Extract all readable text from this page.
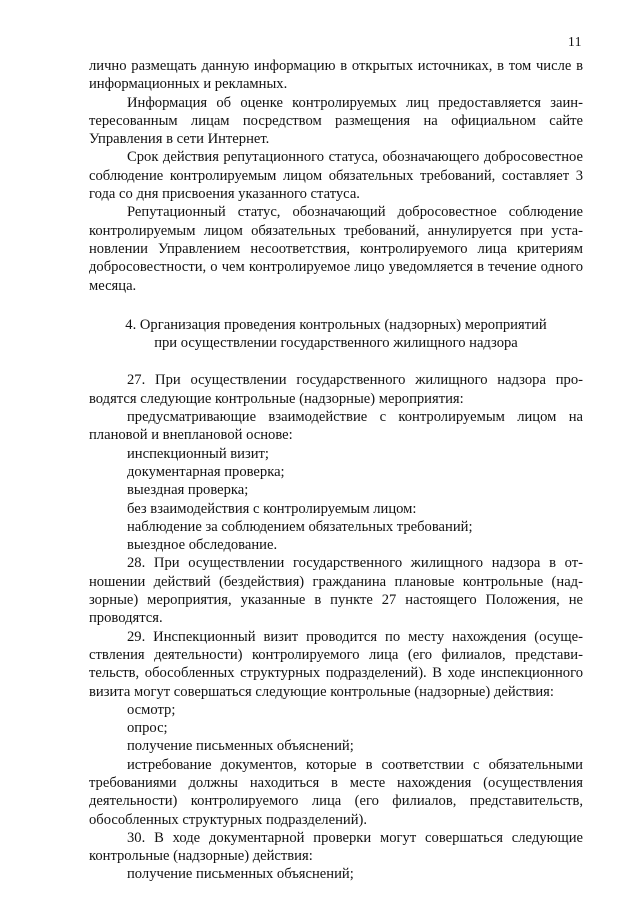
11

лично размещать данную информацию в открытых источниках, в том числе в информационных и рекламных.

Информация об оценке контролируемых лиц предоставляется заинтересованным лицам посредством размещения на официальном сайте Управления в сети Интернет.

Срок действия репутационного статуса, обозначающего добросовестное соблюдение контролируемым лицом обязательных требований, составляет 3 года со дня присвоения указанного статуса.

Репутационный статус, обозначающий добросовестное соблюдение контролируемым лицом обязательных требований, аннулируется при установлении Управлением несоответствия, контролируемого лица критериям добросовестности, о чем контролируемое лицо уведомляется в течение одного месяца.

4. Организация проведения контрольных (надзорных) мероприятий
при осуществлении государственного жилищного надзора

27. При осуществлении государственного жилищного надзора проводятся следующие контрольные (надзорные) мероприятия:

предусматривающие взаимодействие с контролируемым лицом на плановой и внеплановой основе:

инспекционный визит;

документарная проверка;

выездная проверка;

без взаимодействия с контролируемым лицом:

наблюдение за соблюдением обязательных требований;

выездное обследование.

28. При осуществлении государственного жилищного надзора в отношении действий (бездействия) гражданина плановые контрольные (надзорные) мероприятия, указанные в пункте 27 настоящего Положения, не проводятся.

29. Инспекционный визит проводится по месту нахождения (осуществления деятельности) контролируемого лица (его филиалов, представительств, обособленных структурных подразделений). В ходе инспекционного визита могут совершаться следующие контрольные (надзорные) действия:

осмотр;

опрос;

получение письменных объяснений;

истребование документов, которые в соответствии с обязательными требованиями должны находиться в месте нахождения (осуществления деятельности) контролируемого лица (его филиалов, представительств, обособленных структурных подразделений).

30. В ходе документарной проверки могут совершаться следующие контрольные (надзорные) действия:

получение письменных объяснений;
